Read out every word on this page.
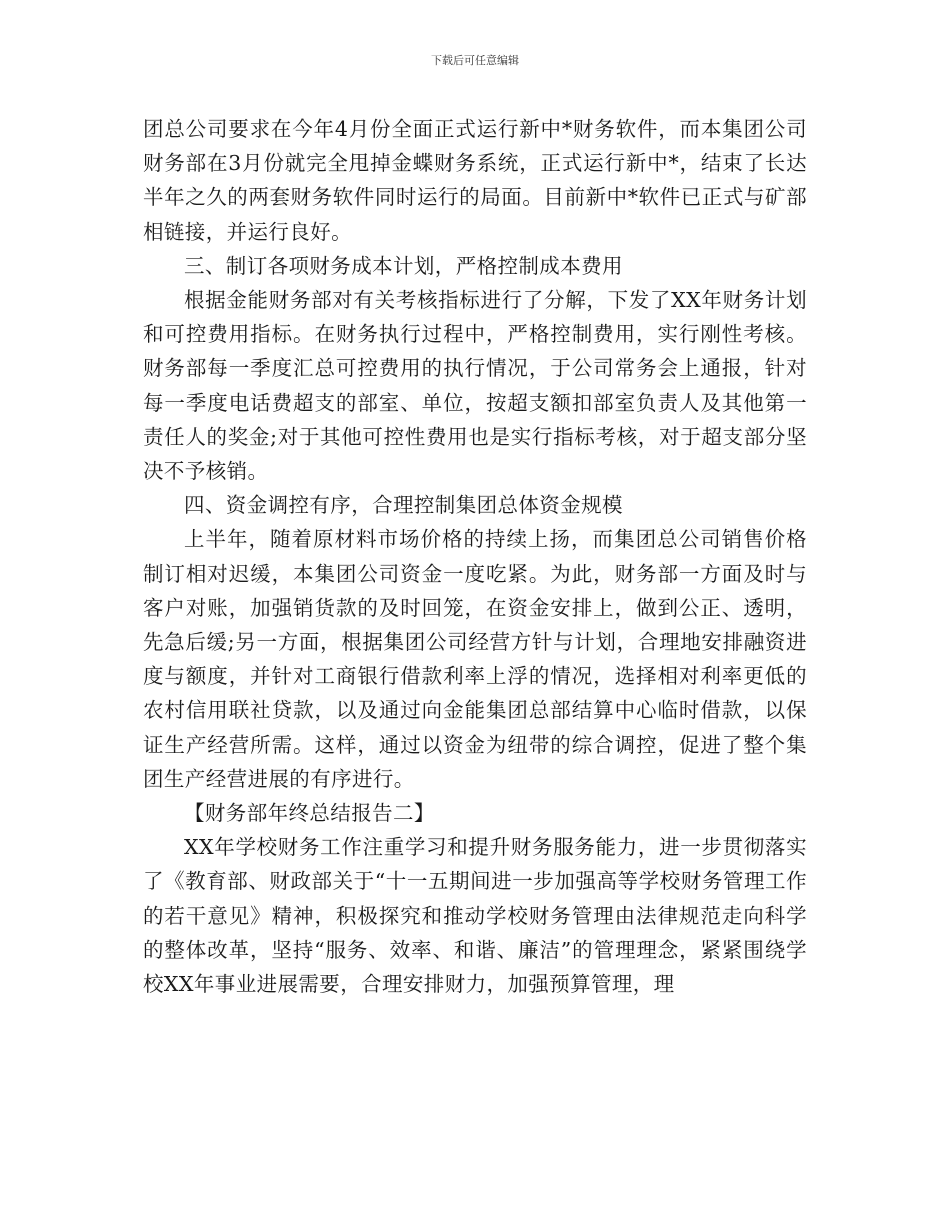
下载后可任意编辑

团总公司要求在今年4月份全面正式运行新中*财务软件，而本集团公司财务部在3月份就完全甩掉金蝶财务系统，正式运行新中*，结束了长达半年之久的两套财务软件同时运行的局面。目前新中*软件已正式与矿部相链接，并运行良好。

三、制订各项财务成本计划，严格控制成本费用

根据金能财务部对有关考核指标进行了分解，下发了XX年财务计划和可控费用指标。在财务执行过程中，严格控制费用，实行刚性考核。财务部每一季度汇总可控费用的执行情况，于公司常务会上通报，针对每一季度电话费超支的部室、单位，按超支额扣部室负责人及其他第一责任人的奖金;对于其他可控性费用也是实行指标考核，对于超支部分坚决不予核销。

四、资金调控有序，合理控制集团总体资金规模

上半年，随着原材料市场价格的持续上扬，而集团总公司销售价格制订相对迟缓，本集团公司资金一度吃紧。为此，财务部一方面及时与客户对账，加强销货款的及时回笼，在资金安排上，做到公正、透明，先急后缓;另一方面，根据集团公司经营方针与计划，合理地安排融资进度与额度，并针对工商银行借款利率上浮的情况，选择相对利率更低的农村信用联社贷款，以及通过向金能集团总部结算中心临时借款，以保证生产经营所需。这样，通过以资金为纽带的综合调控，促进了整个集团生产经营进展的有序进行。

【财务部年终总结报告二】

XX年学校财务工作注重学习和提升财务服务能力，进一步贯彻落实了《教育部、财政部关于“十一五期间进一步加强高等学校财务管理工作的若干意见》精神，积极探究和推动学校财务管理由法律规范走向科学的整体改革，坚持“服务、效率、和谐、廉洁”的管理理念，紧紧围绕学校XX年事业进展需要，合理安排财力，加强预算管理，理
